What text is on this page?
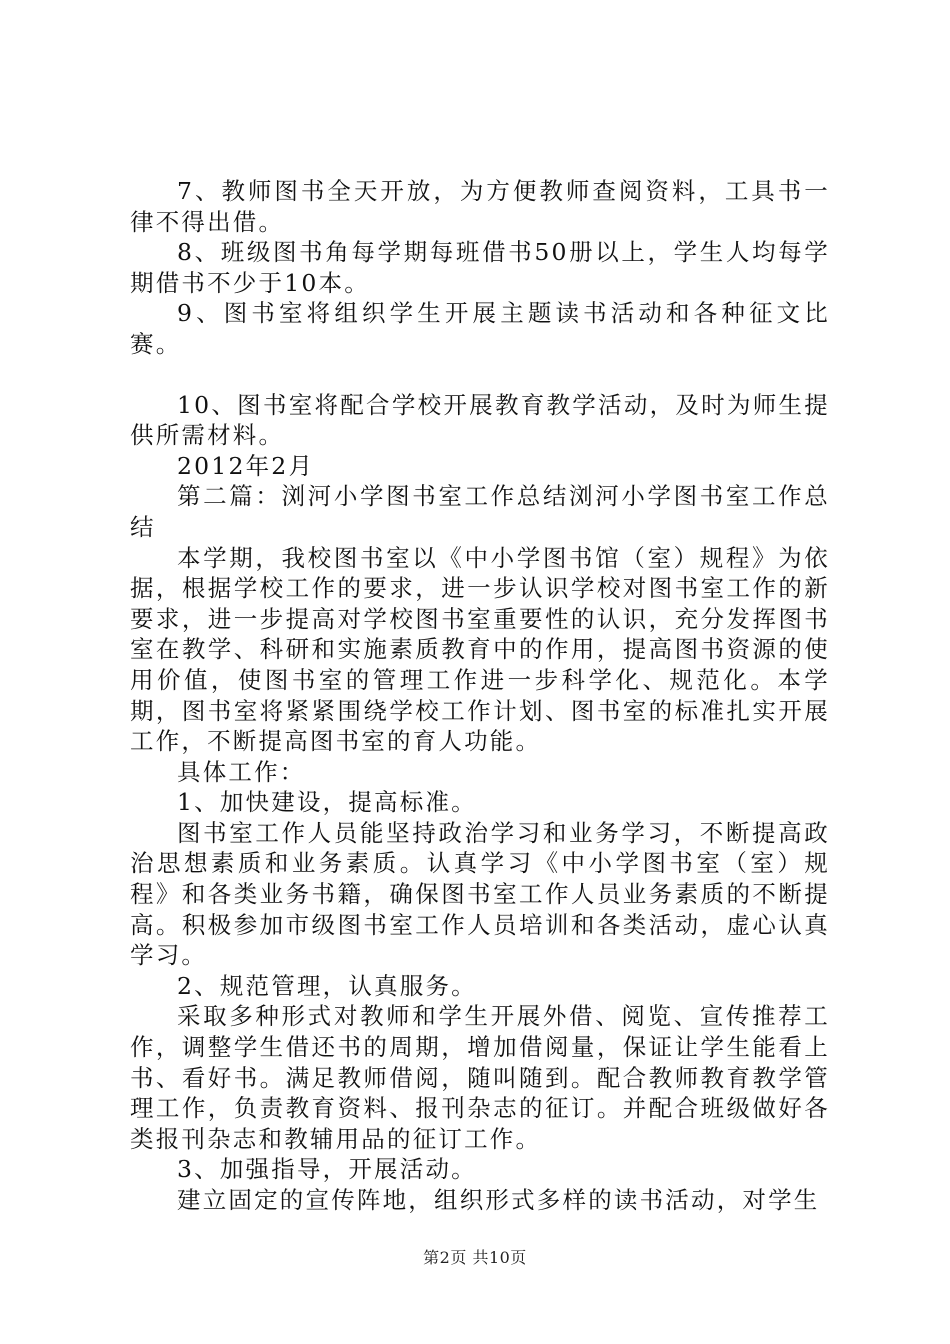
7、教师图书全天开放，为方便教师查阅资料，工具书一律不得出借。

8、班级图书角每学期每班借书50册以上，学生人均每学期借书不少于10本。

9、图书室将组织学生开展主题读书活动和各种征文比赛。

10、图书室将配合学校开展教育教学活动，及时为师生提供所需材料。

2012年2月

第二篇：浏河小学图书室工作总结浏河小学图书室工作总结

本学期，我校图书室以《中小学图书馆（室）规程》为依据，根据学校工作的要求，进一步认识学校对图书室工作的新要求，进一步提高对学校图书室重要性的认识，充分发挥图书室在教学、科研和实施素质教育中的作用，提高图书资源的使用价值，使图书室的管理工作进一步科学化、规范化。本学期，图书室将紧紧围绕学校工作计划、图书室的标准扎实开展工作，不断提高图书室的育人功能。

具体工作：

1、加快建设，提高标准。

图书室工作人员能坚持政治学习和业务学习，不断提高政治思想素质和业务素质。认真学习《中小学图书室（室）规程》和各类业务书籍，确保图书室工作人员业务素质的不断提高。积极参加市级图书室工作人员培训和各类活动，虚心认真学习。

2、规范管理，认真服务。

采取多种形式对教师和学生开展外借、阅览、宣传推荐工作，调整学生借还书的周期，增加借阅量，保证让学生能看上书、看好书。满足教师借阅，随叫随到。配合教师教育教学管理工作，负责教育资料、报刊杂志的征订。并配合班级做好各类报刊杂志和教辅用品的征订工作。

3、加强指导，开展活动。

建立固定的宣传阵地，组织形式多样的读书活动，对学生

第2页 共10页
